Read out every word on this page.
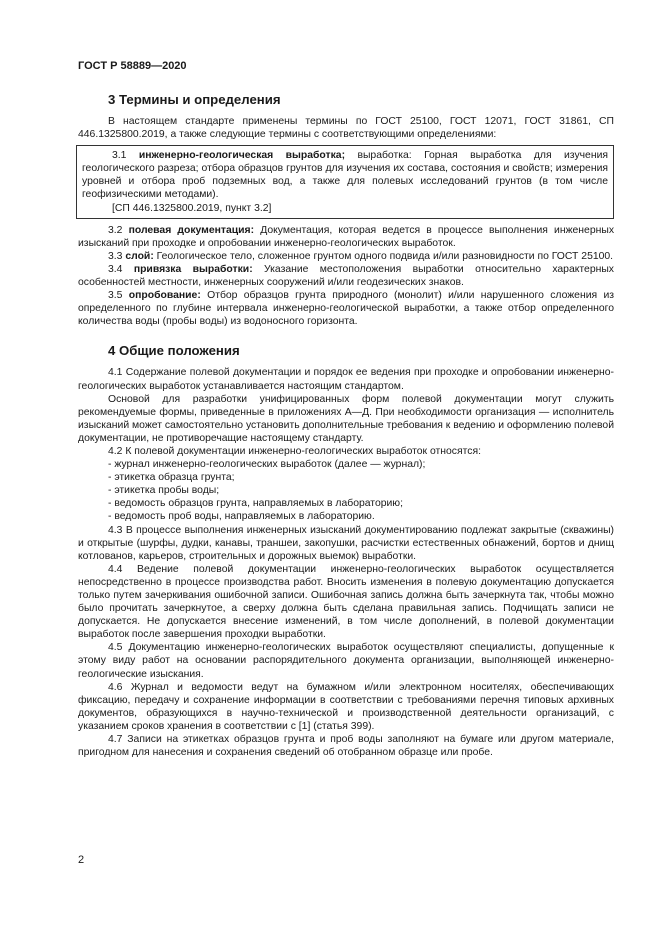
ГОСТ Р 58889—2020
3 Термины и определения

В настоящем стандарте применены термины по ГОСТ 25100, ГОСТ 12071, ГОСТ 31861, СП 446.1325800.2019, а также следующие термины с соответствующими определениями:

3.1 инженерно-геологическая выработка; выработка: Горная выработка для изучения геологического разреза; отбора образцов грунтов для изучения их состава, состояния и свойств; измерения уровней и отбора проб подземных вод, а также для полевых исследований грунтов (в том числе геофизическими методами).

[СП 446.1325800.2019, пункт 3.2]

3.2 полевая документация: Документация, которая ведется в процессе выполнения инженерных изысканий при проходке и опробовании инженерно-геологических выработок.

3.3 слой: Геологическое тело, сложенное грунтом одного подвида и/или разновидности по ГОСТ 25100.

3.4 привязка выработки: Указание местоположения выработки относительно характерных особенностей местности, инженерных сооружений и/или геодезических знаков.

3.5 опробование: Отбор образцов грунта природного (монолит) и/или нарушенного сложения из определенного по глубине интервала инженерно-геологической выработки, а также отбор определенного количества воды (пробы воды) из водоносного горизонта.

4 Общие положения

4.1 Содержание полевой документации и порядок ее ведения при проходке и опробовании инженерно-геологических выработок устанавливается настоящим стандартом.

Основой для разработки унифицированных форм полевой документации могут служить рекомендуемые формы, приведенные в приложениях А—Д. При необходимости организация — исполнитель изысканий может самостоятельно установить дополнительные требования к ведению и оформлению полевой документации, не противоречащие настоящему стандарту.

4.2 К полевой документации инженерно-геологических выработок относятся:

- журнал инженерно-геологических выработок (далее — журнал);

- этикетка образца грунта;

- этикетка пробы воды;

- ведомость образцов грунта, направляемых в лабораторию;

- ведомость проб воды, направляемых в лабораторию.

4.3 В процессе выполнения инженерных изысканий документированию подлежат закрытые (скважины) и открытые (шурфы, дудки, канавы, траншеи, закопушки, расчистки естественных обнажений, бортов и днищ котлованов, карьеров, строительных и дорожных выемок) выработки.

4.4 Ведение полевой документации инженерно-геологических выработок осуществляется непосредственно в процессе производства работ. Вносить изменения в полевую документацию допускается только путем зачеркивания ошибочной записи. Ошибочная запись должна быть зачеркнута так, чтобы можно было прочитать зачеркнутое, а сверху должна быть сделана правильная запись. Подчищать записи не допускается. Не допускается внесение изменений, в том числе дополнений, в полевой документации выработок после завершения проходки выработки.

4.5 Документацию инженерно-геологических выработок осуществляют специалисты, допущенные к этому виду работ на основании распорядительного документа организации, выполняющей инженерно-геологические изыскания.

4.6 Журнал и ведомости ведут на бумажном и/или электронном носителях, обеспечивающих фиксацию, передачу и сохранение информации в соответствии с требованиями перечня типовых архивных документов, образующихся в научно-технической и производственной деятельности организаций, с указанием сроков хранения в соответствии с [1] (статья 399).

4.7 Записи на этикетках образцов грунта и проб воды заполняют на бумаге или другом материале, пригодном для нанесения и сохранения сведений об отобранном образце или пробе.

2
